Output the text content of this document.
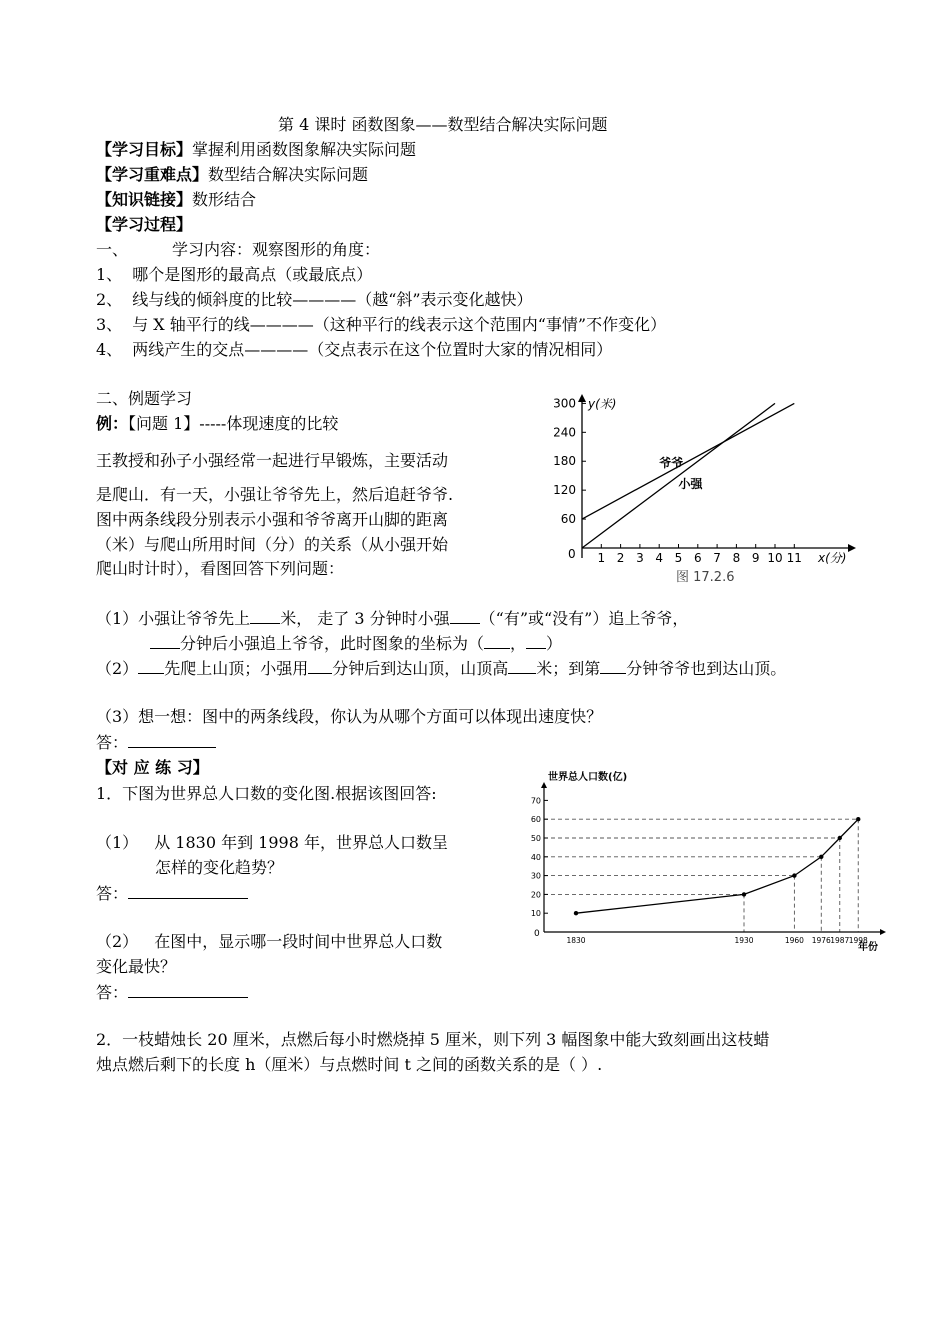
第 4 课时 函数图象——数型结合解决实际问题
【学习目标】掌握利用函数图象解决实际问题
【学习重难点】数型结合解决实际问题
【知识链接】数形结合
【学习过程】
一、	学习内容：观察图形的角度：
1、 哪个是图形的最高点（或最底点）
2、 线与线的倾斜度的比较————（越“斜”表示变化越快）
3、 与 X 轴平行的线————（这种平行的线表示这个范围内“事情”不作变化）
4、 两线产生的交点————（交点表示在这个位置时大家的情况相同）
二、例题学习
例：【问题 1】-----体现速度的比较
王教授和孙子小强经常一起进行早锻炼，主要活动
是爬山．有一天，小强让爷爷先上，然后追赶爷爷.
图中两条线段分别表示小强和爷爷离开山脚的距离
（米）与爬山所用时间（分）的关系（从小强开始
爬山时计时），看图回答下列问题：
y(米)
x(分)
0
图 17.2.6
1 2 3 4 5 6 7 8 9 10 11
60
120
180
240
300
爷爷
小强
（1）小强让爷爷先上 米， 走了 3 分钟时小强 （“有”或“没有”）追上爷爷，
分钟后小强追上爷爷，此时图象的坐标为（ ， ）
（2） 先爬上山顶；小强用 分钟后到达山顶，山顶高 米；到第 分钟爷爷也到达山顶。
（3）想一想：图中的两条线段，你认为从哪个方面可以体现出速度快？
答：
【对 应 练 习】
1．下图为世界总人口数的变化图.根据该图回答:
（1） 从 1830 年到 1998 年，世界总人口数呈
怎样的变化趋势？
答：
（2） 在图中，显示哪一段时间中世界总人口数
变化最快？
答：
世界总人口数(亿)
0
年份
10
20
30
40
50
60
70
1830	1930	1960 1976 1987 1998
2．一枝蜡烛长 20 厘米，点燃后每小时燃烧掉 5 厘米，则下列 3 幅图象中能大致刻画出这枝蜡
烛点燃后剩下的长度 h（厘米）与点燃时间 t 之间的函数关系的是（ ）.
